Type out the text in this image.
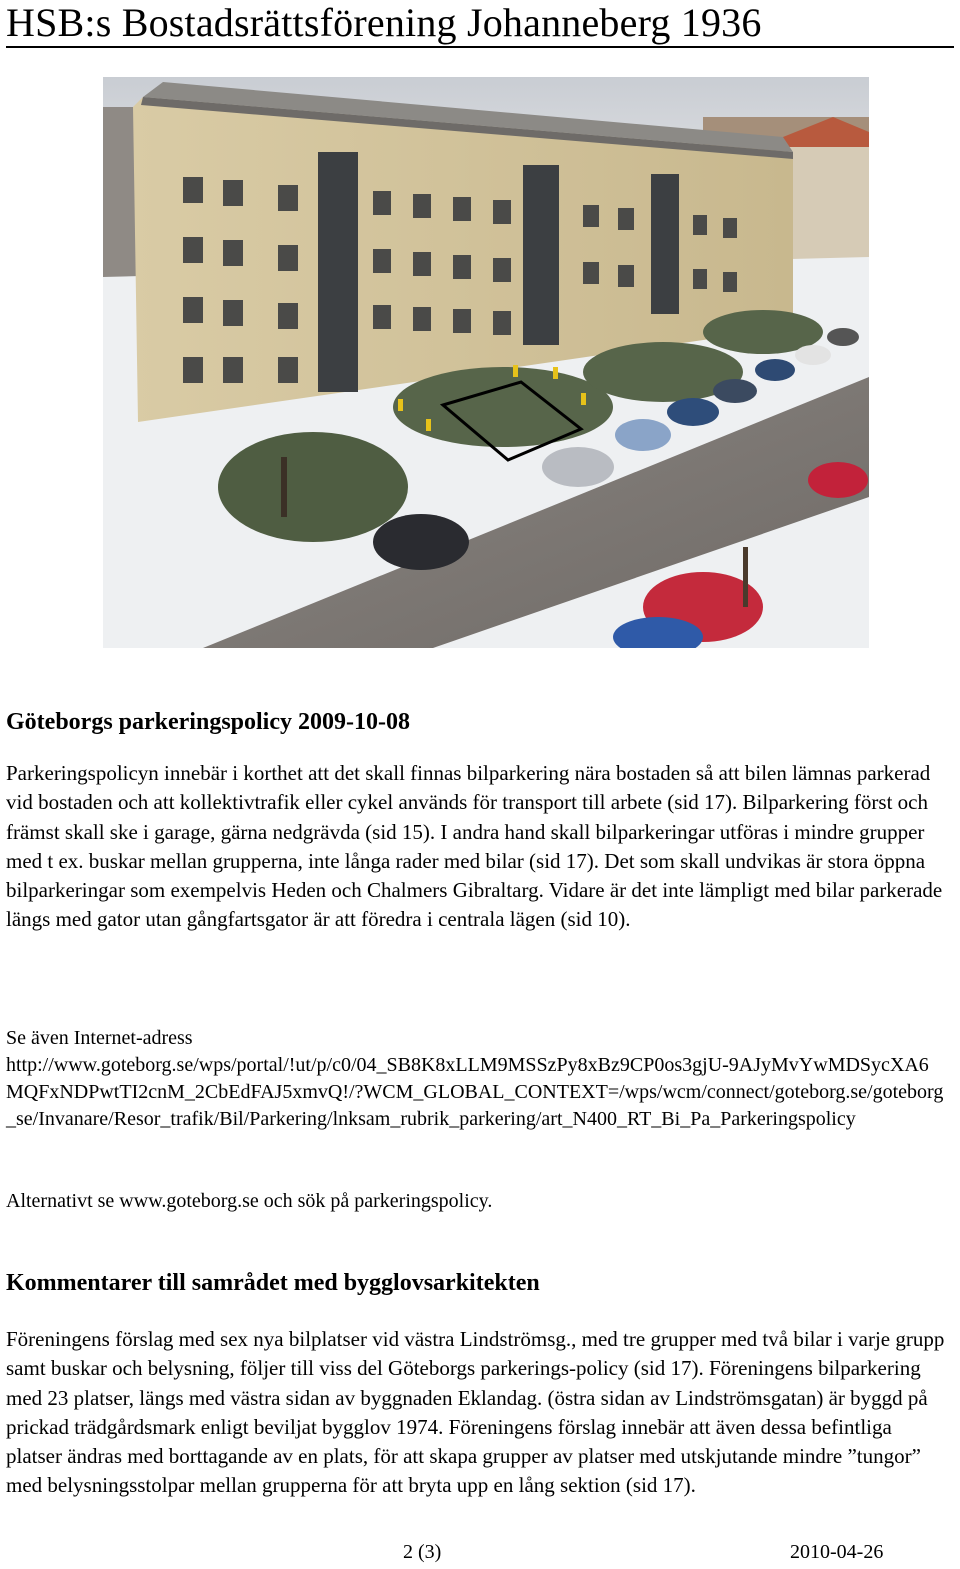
HSB:s Bostadsrättsförening Johanneberg 1936
Göteborgs parkeringspolicy 2009-10-08

Parkeringspolicyn innebär i korthet att det skall finnas bilparkering nära bostaden så att bilen lämnas parkerad vid bostaden och att kollektivtrafik eller cykel används för transport till arbete (sid 17). Bilparkering först och främst skall ske i garage, gärna nedgrävda (sid 15). I andra hand skall bilparkeringar utföras i mindre grupper med t ex. buskar mellan grupperna, inte långa rader med bilar (sid 17). Det som skall undvikas är stora öppna bilparkeringar som exempelvis Heden och Chalmers Gibraltarg. Vidare är det inte lämpligt med bilar parkerade längs med gator utan gångfartsgator är att föredra i centrala lägen (sid 10).

Se även Internet-adress

http://www.goteborg.se/wps/portal/!ut/p/c0/04_SB8K8xLLM9MSSzPy8xBz9CP0os3gjU-9AJyMvYwMDSycXA6MQFxNDPwtTI2cnM_2CbEdFAJ5xmvQ!/?WCM_GLOBAL_CONTEXT=/wps/wcm/connect/goteborg.se/goteborg_se/Invanare/Resor_trafik/Bil/Parkering/lnksam_rubrik_parkering/art_N400_RT_Bi_Pa_Parkeringspolicy

Alternativt se www.goteborg.se och sök på parkeringspolicy.

Kommentarer till samrådet med bygglovsarkitekten

Föreningens förslag med sex nya bilplatser vid västra Lindströmsg., med tre grupper med två bilar i varje grupp samt buskar och belysning, följer till viss del Göteborgs parkerings-policy (sid 17). Föreningens bilparkering med 23 platser, längs med västra sidan av byggnaden Eklandag. (östra sidan av Lindströmsgatan) är byggd på prickad trädgårdsmark enligt beviljat bygglov 1974. Föreningens förslag innebär att även dessa befintliga platser ändras med borttagande av en plats, för att skapa grupper av platser med utskjutande mindre ”tungor” med belysningsstolpar mellan grupperna för att bryta upp en lång sektion (sid 17).

2 (3)	2010-04-26
